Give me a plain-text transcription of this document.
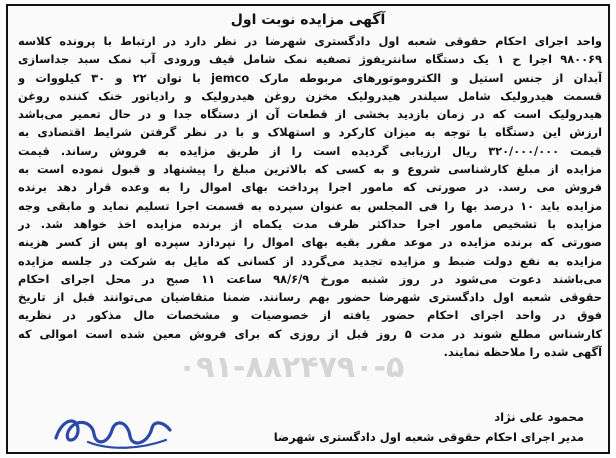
آگهی مزایده نوبت اول
واحد اجرای احکام حقوقی شعبه اول دادگستری شهرضا در نظر دارد در ارتباط با پرونده کلاسه
۹۸۰۰۶۹ اجرا ح ۱ یک دستگاه سانتریفوژ تصفیه نمک شامل قیف ورودی آب نمک سبد جداسازی
آبدان از جنس استیل و الکتروموتورهای مربوطه مارک jemco با توان ۲۲ و ۳۰ کیلووات و
قسمت هیدرولیک شامل سیلندر هیدرولیک مخزن روغن هیدرولیک و رادیاتور خنک کننده روغن
هیدرولیک است که در زمان بازدید بخشی از قطعات آن از دستگاه جدا و در حال تعمیر می‌باشد
ارزش این دستگاه با توجه به میزان کارکرد و استهلاک و با در نظر گرفتن شرایط اقتصادی به
قیمت ۳۲۰/۰۰۰/۰۰۰ ریال ارزیابی گردیده است را از طریق مزایده به فروش رساند. قیمت
مزایده از مبلغ کارشناسی شروع و به کسی که بالاترین مبلغ را پیشنهاد و قبول نموده است به
فروش می رسد. در صورتی که مامور اجرا پرداخت بهای اموال را به وعده قرار دهد برنده
مزایده باید ۱۰ درصد بها را فی المجلس به عنوان سپرده به قسمت اجرا تسلیم نماید و مابقی وجه
مزایده با تشخیص مامور اجرا حداکثر ظرف مدت یکماه از برنده مزایده اخذ خواهد شد. در
صورتی که برنده مزایده در موعد مقرر بقیه بهای اموال را نپردازد سپرده او پس از کسر هزینه
مزایده به نفع دولت ضبط و مزایده تجدید می‌گردد از کسانی که مایل به شرکت در جلسه مزایده
می‌باشند دعوت می‌شود در روز شنبه مورخ ۹۸/۶/۹ ساعت ۱۱ صبح در محل اجرای احکام
حقوقی شعبه اول دادگستری شهرضا حضور بهم رسانند. ضمنا متقاضیان می‌توانند قبل از تاریخ
فوق در واحد اجرای احکام حضور یافته از خصوصیات و مشخصات مال مذکور در نظریه
کارشناس مطلع شوند در مدت ۵ روز قبل از روزی که برای فروش معین شده است اموالی که
آگهی شده را ملاحظه نمایند.
۰۹۱-۸۸۲۴۷۹۰-۵
محمود علی نژاد
مدیر اجرای احکام حقوقی شعبه اول دادگستری شهرضا
